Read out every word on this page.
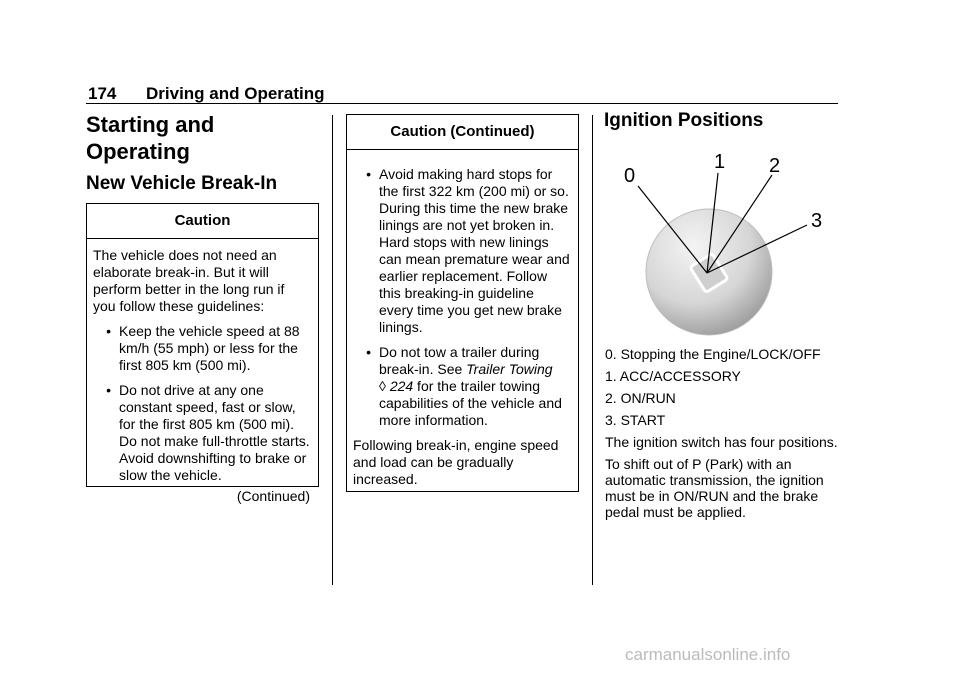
174 Driving and Operating
Starting and
Operating
New Vehicle Break-In
Caution

The vehicle does not need an elaborate break-in. But it will perform better in the long run if you follow these guidelines:

• Keep the vehicle speed at 88 km/h (55 mph) or less for the first 805 km (500 mi).
• Do not drive at any one constant speed, fast or slow, for the first 805 km (500 mi). Do not make full-throttle starts. Avoid downshifting to brake or slow the vehicle.
(Continued)
Caution (Continued)
• Avoid making hard stops for the first 322 km (200 mi) or so. During this time the new brake linings are not yet broken in. Hard stops with new linings can mean premature wear and earlier replacement. Follow this breaking-in guideline every time you get new brake linings.
• Do not tow a trailer during break-in. See Trailer Towing
◊ 224 for the trailer towing capabilities of the vehicle and more information.

Following break-in, engine speed and load can be gradually increased.

Ignition Positions
0
1 2
3

0. Stopping the Engine/LOCK/OFF

1. ACC/ACCESSORY

2. ON/RUN

3. START

The ignition switch has four positions.

To shift out of P (Park) with an automatic transmission, the ignition must be in ON/RUN and the brake pedal must be applied.

carmanualsonline.info
